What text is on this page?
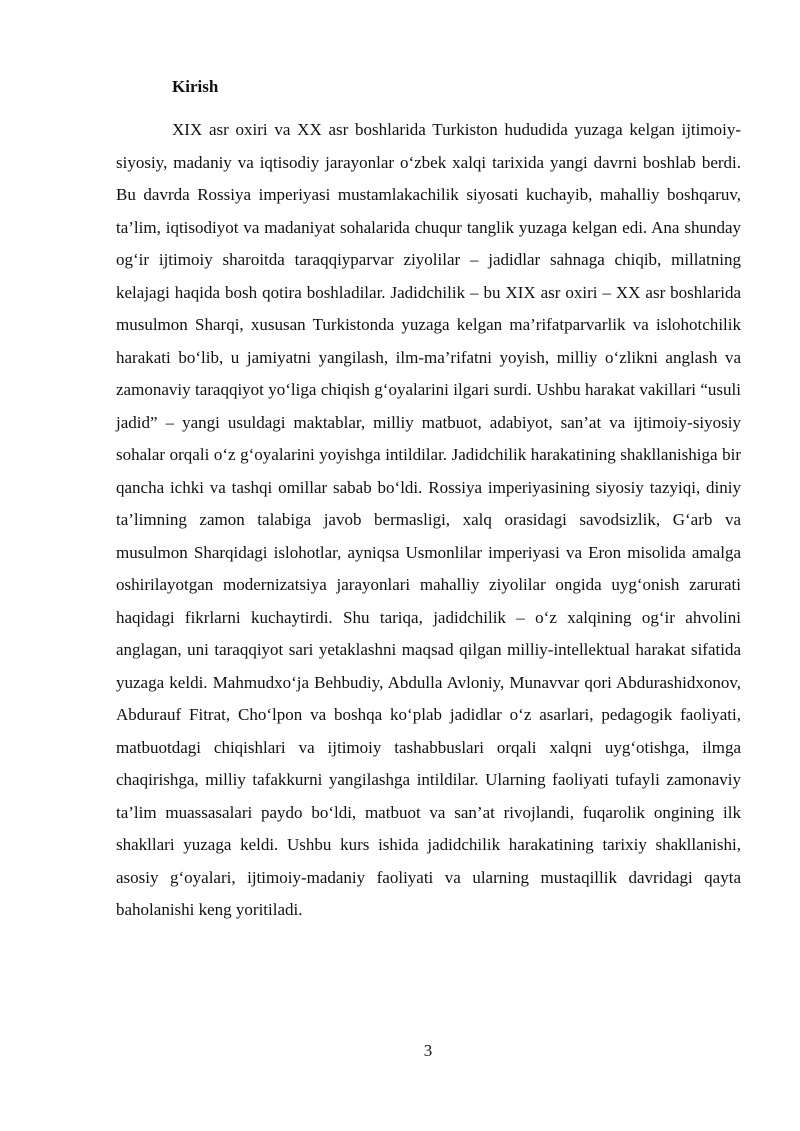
Kirish

XIX asr oxiri va XX asr boshlarida Turkiston hududida yuzaga kelgan ijtimoiy-siyosiy, madaniy va iqtisodiy jarayonlar o‘zbek xalqi tarixida yangi davrni boshlab berdi. Bu davrda Rossiya imperiyasi mustamlakachilik siyosati kuchayib, mahalliy boshqaruv, ta’lim, iqtisodiyot va madaniyat sohalarida chuqur tanglik yuzaga kelgan edi. Ana shunday og‘ir ijtimoiy sharoitda taraqqiyparvar ziyolilar – jadidlar sahnaga chiqib, millatning kelajagi haqida bosh qotira boshladilar. Jadidchilik – bu XIX asr oxiri – XX asr boshlarida musulmon Sharqi, xususan Turkistonda yuzaga kelgan ma’rifatparvarlik va islohotchilik harakati bo‘lib, u jamiyatni yangilash, ilm-ma’rifatni yoyish, milliy o‘zlikni anglash va zamonaviy taraqqiyot yo‘liga chiqish g‘oyalarini ilgari surdi. Ushbu harakat vakillari “usuli jadid” – yangi usuldagi maktablar, milliy matbuot, adabiyot, san’at va ijtimoiy-siyosiy sohalar orqali o‘z g‘oyalarini yoyishga intildilar. Jadidchilik harakatining shakllanishiga bir qancha ichki va tashqi omillar sabab bo‘ldi. Rossiya imperiyasining siyosiy tazyiqi, diniy ta’limning zamon talabiga javob bermasligi, xalq orasidagi savodsizlik, G‘arb va musulmon Sharqidagi islohotlar, ayniqsa Usmonlilar imperiyasi va Eron misolida amalga oshirilayotgan modernizatsiya jarayonlari mahalliy ziyolilar ongida uyg‘onish zarurati haqidagi fikrlarni kuchaytirdi. Shu tariqa, jadidchilik – o‘z xalqining og‘ir ahvolini anglagan, uni taraqqiyot sari yetaklashni maqsad qilgan milliy-intellektual harakat sifatida yuzaga keldi. Mahmudxo‘ja Behbudiy, Abdulla Avloniy, Munavvar qori Abdurashidxonov, Abdurauf Fitrat, Cho‘lpon va boshqa ko‘plab jadidlar o‘z asarlari, pedagogik faoliyati, matbuotdagi chiqishlari va ijtimoiy tashabbuslari orqali xalqni uyg‘otishga, ilmga chaqirishga, milliy tafakkurni yangilashga intildilar. Ularning faoliyati tufayli zamonaviy ta’lim muassasalari paydo bo‘ldi, matbuot va san’at rivojlandi, fuqarolik ongining ilk shakllari yuzaga keldi. Ushbu kurs ishida jadidchilik harakatining tarixiy shakllanishi, asosiy g‘oyalari, ijtimoiy-madaniy faoliyati va ularning mustaqillik davridagi qayta baholanishi keng yoritiladi.

3
